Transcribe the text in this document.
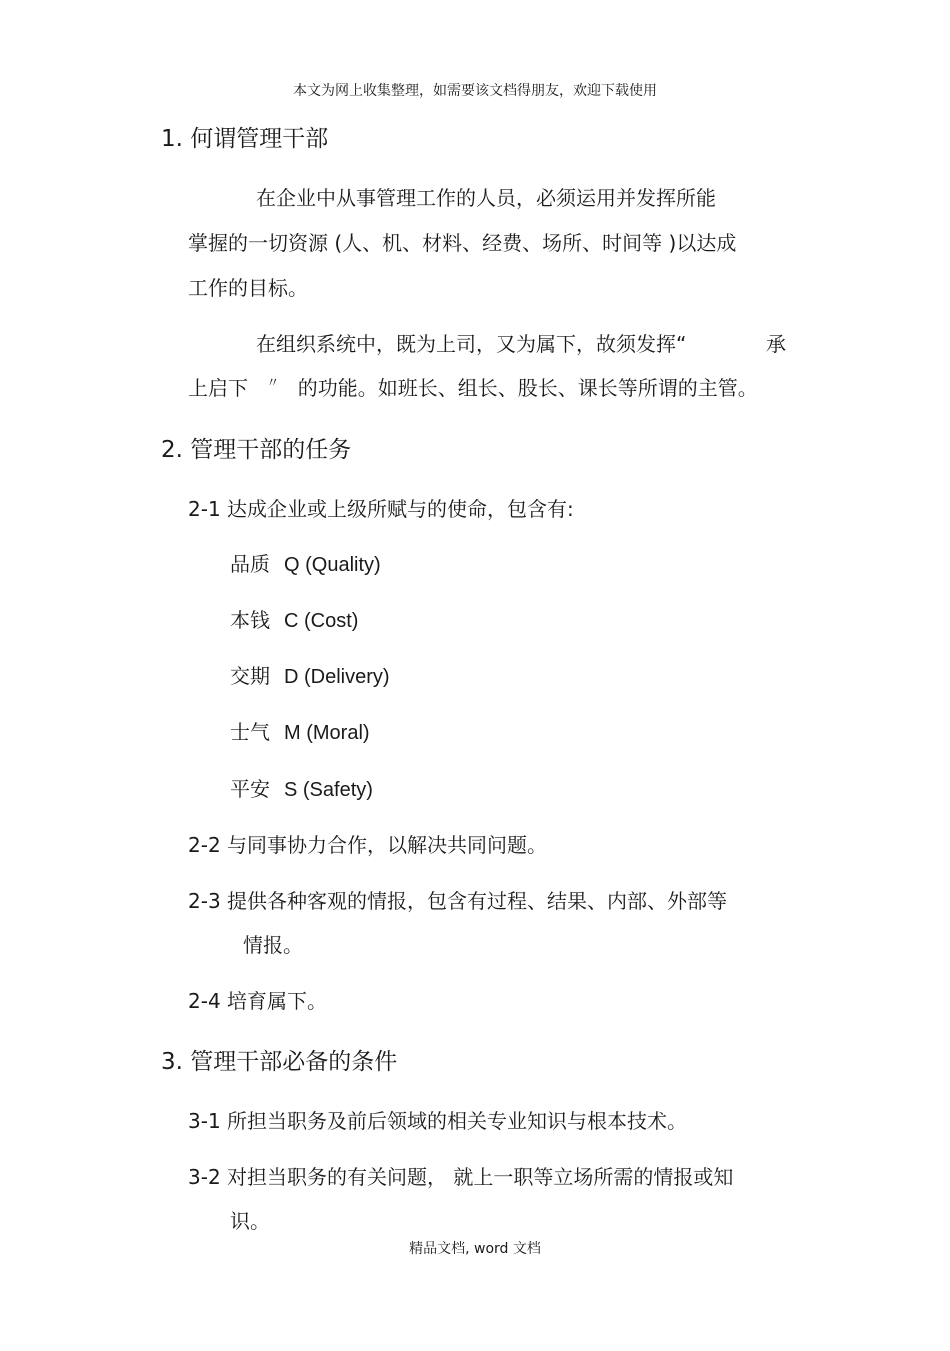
本文为网上收集整理，如需要该文档得朋友，欢迎下载使用
1. 何谓管理干部
在企业中从事管理工作的人员，必须运用并发挥所能
掌握的一切资源 (人、机、材料、经费、场所、时间等 )以达成
工作的目标。
在组织系统中，既为上司，又为属下，故须发挥“	承
上启下 〃 的功能。如班长、组长、股长、课长等所谓的主管。
2. 管理干部的任务
2-1 达成企业或上级所赋与的使命，包含有:
品质 Q (Quality)
本钱 C (Cost)
交期 D (Delivery)
士气 M (Moral)
平安 S (Safety)
2-2 与同事协力合作，以解决共同问题。
2-3 提供各种客观的情报，包含有过程、结果、内部、外部等
情报。
2-4 培育属下。
3. 管理干部必备的条件
3-1 所担当职务及前后领域的相关专业知识与根本技术。
3-2 对担当职务的有关问题， 就上一职等立场所需的情报或知
识。
精品文档, word 文档
